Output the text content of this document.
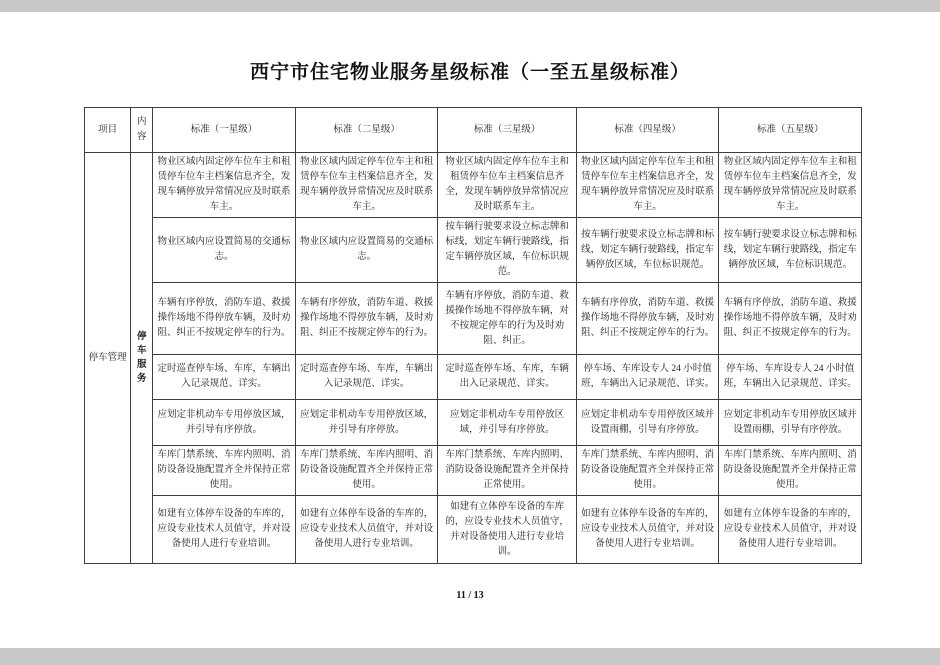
西宁市住宅物业服务星级标准（一至五星级标准）
项目	内容	标准（一星级）	标准（二星级）	标准（三星级）	标准（四星级）	标准（五星级）
停车管理	停车服务	物业区域内固定停车位车主和租赁停车位车主档案信息齐全，发现车辆停放异常情况应及时联系车主。	物业区域内固定停车位车主和租赁停车位车主档案信息齐全，发现车辆停放异常情况应及时联系车主。	物业区域内固定停车位车主和租赁停车位车主档案信息齐全，发现车辆停放异常情况应及时联系车主。	物业区域内固定停车位车主和租赁停车位车主档案信息齐全，发现车辆停放异常情况应及时联系车主。	物业区域内固定停车位车主和租赁停车位车主档案信息齐全，发现车辆停放异常情况应及时联系车主。
		物业区域内应设置简易的交通标志。	物业区域内应设置简易的交通标志。	按车辆行驶要求设立标志牌和标线，划定车辆行驶路线，指定车辆停放区域，车位标识规范。	按车辆行驶要求设立标志牌和标线，划定车辆行驶路线，指定车辆停放区域，车位标识规范。	按车辆行驶要求设立标志牌和标线，划定车辆行驶路线，指定车辆停放区域，车位标识规范。
		车辆有序停放，消防车道、救援操作场地不得停放车辆，及时劝阻、纠正不按规定停车的行为。	车辆有序停放，消防车道、救援操作场地不得停放车辆，及时劝阻、纠正不按规定停车的行为。	车辆有序停放，消防车道、救援操作场地不得停放车辆，对不按规定停车的行为及时劝阻、纠正。	车辆有序停放，消防车道、救援操作场地不得停放车辆，及时劝阻、纠正不按规定停车的行为。	车辆有序停放，消防车道、救援操作场地不得停放车辆，及时劝阻、纠正不按规定停车的行为。
		定时巡查停车场、车库，车辆出入记录规范、详实。	定时巡查停车场、车库，车辆出入记录规范、详实。	定时巡查停车场、车库，车辆出入记录规范、详实。	停车场、车库设专人 24 小时值班，车辆出入记录规范、详实。	停车场、车库设专人 24 小时值班，车辆出入记录规范、详实。
		应划定非机动车专用停放区域，并引导有序停放。	应划定非机动车专用停放区域，并引导有序停放。	应划定非机动车专用停放区域，并引导有序停放。	应划定非机动车专用停放区域并设置雨棚，引导有序停放。	应划定非机动车专用停放区域并设置雨棚，引导有序停放。
		车库门禁系统、车库内照明、消防设备设施配置齐全并保持正常使用。	车库门禁系统、车库内照明、消防设备设施配置齐全并保持正常使用。	车库门禁系统、车库内照明、消防设备设施配置齐全并保持正常使用。	车库门禁系统、车库内照明、消防设备设施配置齐全并保持正常使用。	车库门禁系统、车库内照明、消防设备设施配置齐全并保持正常使用。
		如建有立体停车设备的车库的，应设专业技术人员值守，并对设备使用人进行专业培训。	如建有立体停车设备的车库的，应设专业技术人员值守，并对设备使用人进行专业培训。	如建有立体停车设备的车库的，应设专业技术人员值守，并对设备使用人进行专业培训。	如建有立体停车设备的车库的，应设专业技术人员值守，并对设备使用人进行专业培训。	如建有立体停车设备的车库的，应设专业技术人员值守，并对设备使用人进行专业培训。
11 / 13
